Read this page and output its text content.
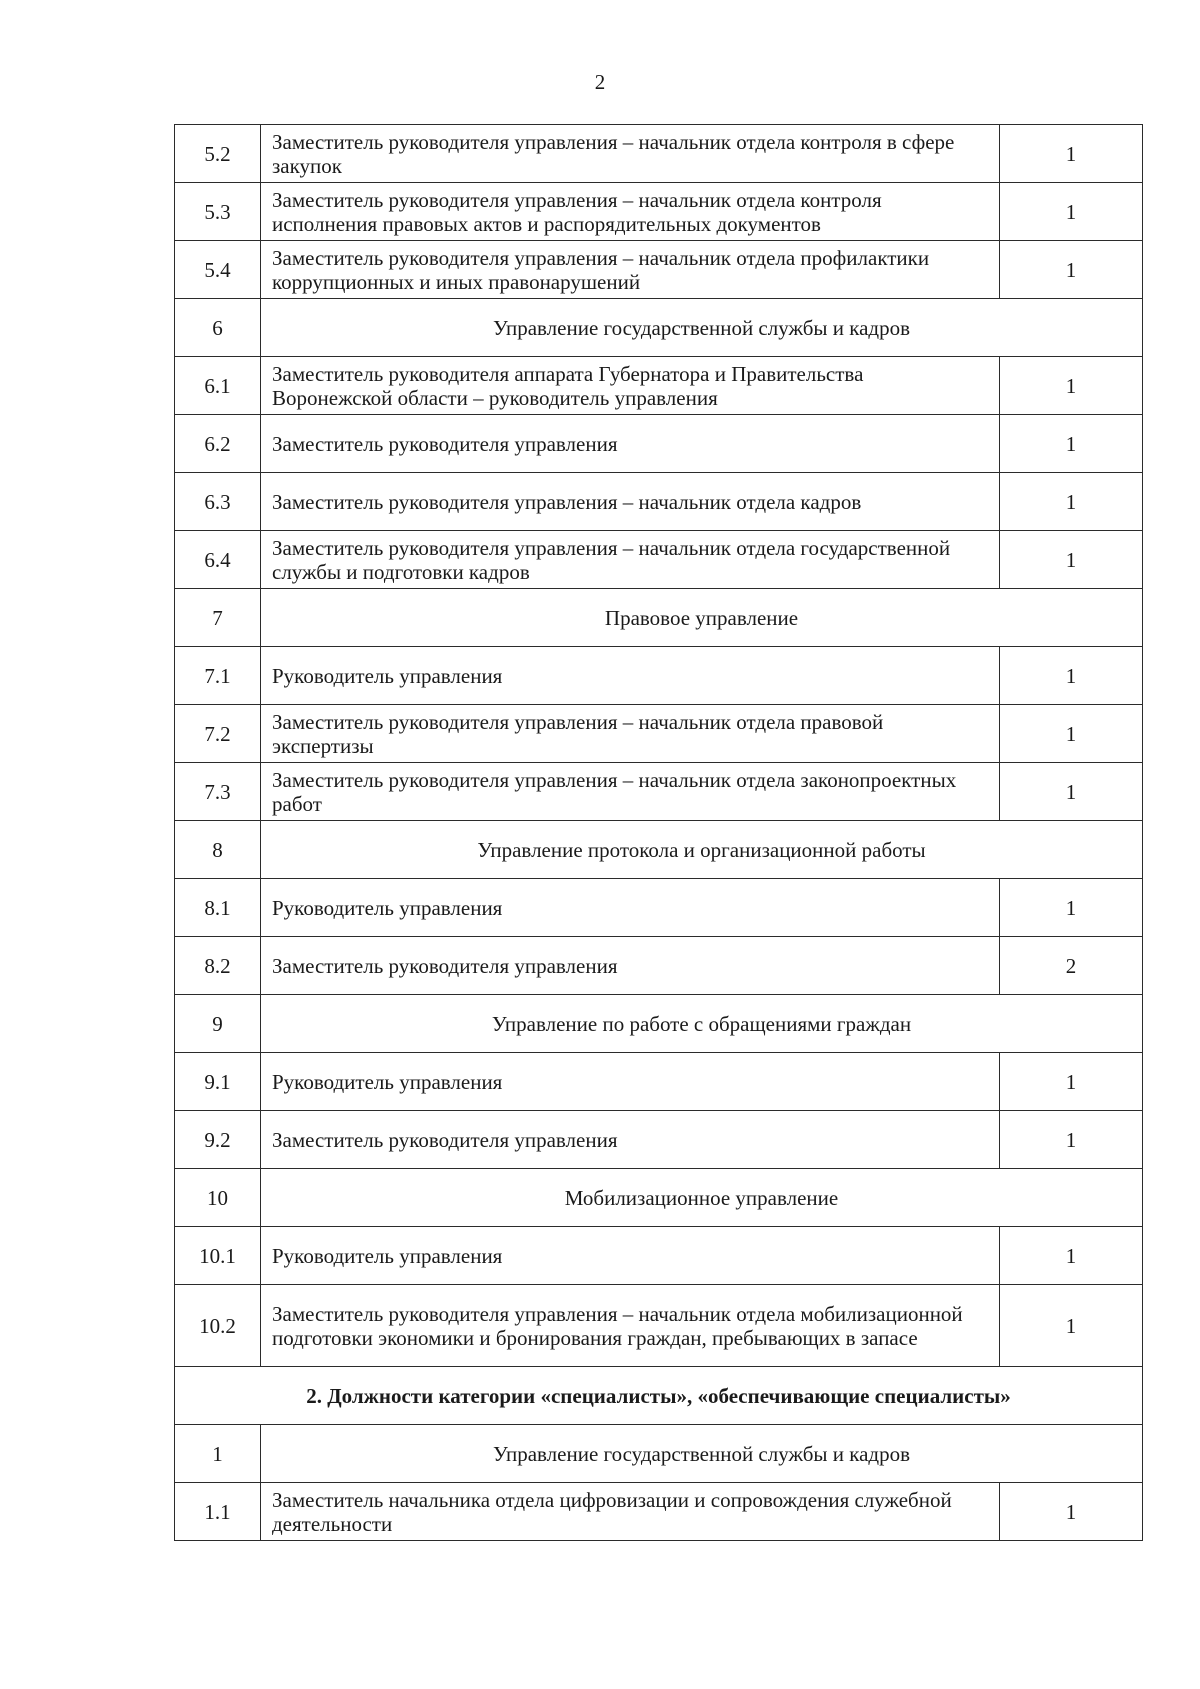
2
5.2	Заместитель руководителя управления – начальник отдела контроля в сфере закупок	1
5.3	Заместитель руководителя управления – начальник отдела контроля исполнения правовых актов и распорядительных документов	1
5.4	Заместитель руководителя управления – начальник отдела профилактики коррупционных и иных правонарушений	1
6	Управление государственной службы и кадров	
6.1	Заместитель руководителя аппарата Губернатора и Правительства Воронежской области – руководитель управления	1
6.2	Заместитель руководителя управления	1
6.3	Заместитель руководителя управления – начальник отдела кадров	1
6.4	Заместитель руководителя управления – начальник отдела государственной службы и подготовки кадров	1
7	Правовое управление	
7.1	Руководитель управления	1
7.2	Заместитель руководителя управления – начальник отдела правовой экспертизы	1
7.3	Заместитель руководителя управления – начальник отдела законопроектных работ	1
8	Управление протокола и организационной работы	
8.1	Руководитель управления	1
8.2	Заместитель руководителя управления	2
9	Управление по работе с обращениями граждан	
9.1	Руководитель управления	1
9.2	Заместитель руководителя управления	1
10	Мобилизационное управление	
10.1	Руководитель управления	1
10.2	Заместитель руководителя управления – начальник отдела мобилизационной подготовки экономики и бронирования граждан, пребывающих в запасе	1
2. Должности категории «специалисты», «обеспечивающие специалисты»		
1	Управление государственной службы и кадров	
1.1	Заместитель начальника отдела цифровизации и сопровождения служебной деятельности	1
